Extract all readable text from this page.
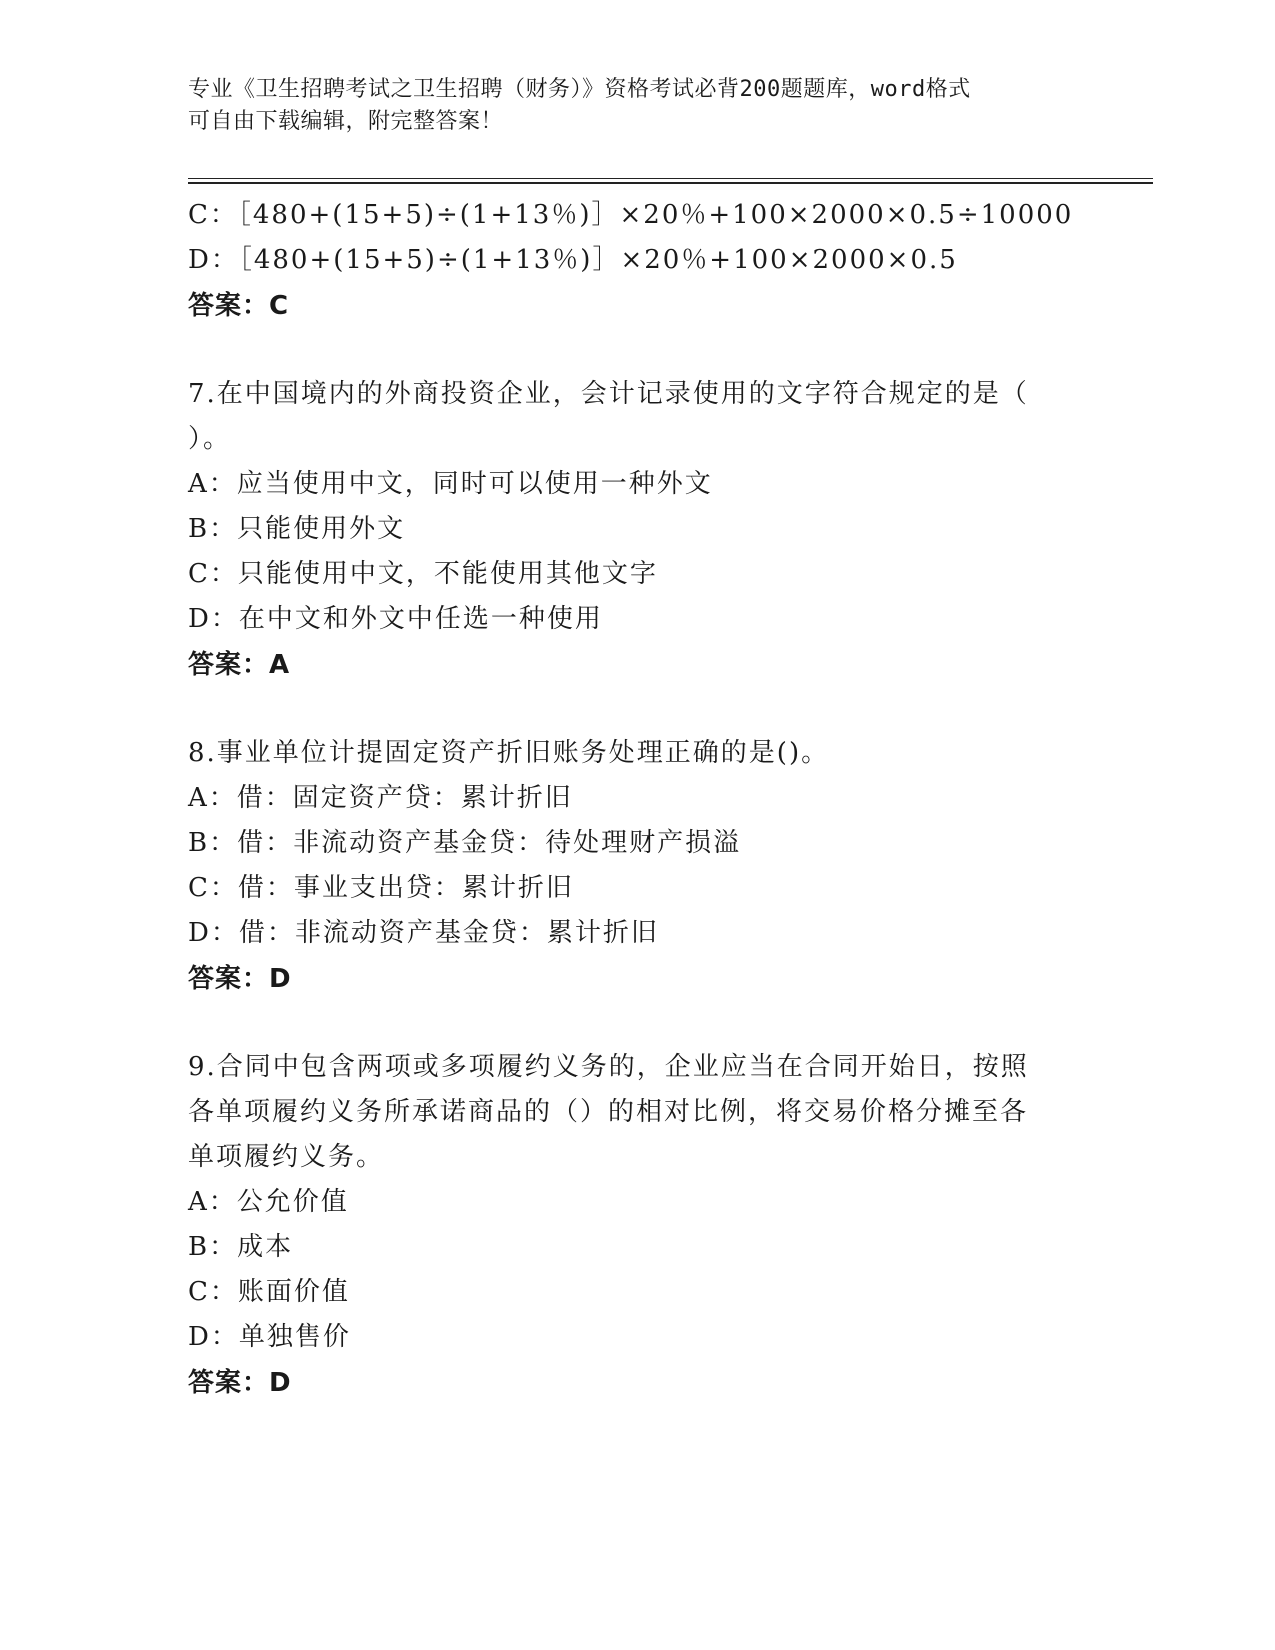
专业《卫生招聘考试之卫生招聘（财务）》资格考试必背200题题库，word格式
可自由下载编辑，附完整答案！
C：［480+(15+5)÷(1+13％)］×20％+100×2000×0.5÷10000
D：［480+(15+5)÷(1+13％)］×20％+100×2000×0.5
答案：C
7.在中国境内的外商投资企业，会计记录使用的文字符合规定的是（
）。
A：应当使用中文，同时可以使用一种外文
B：只能使用外文
C：只能使用中文，不能使用其他文字
D：在中文和外文中任选一种使用
答案：A
8.事业单位计提固定资产折旧账务处理正确的是()。
A：借：固定资产贷：累计折旧
B：借：非流动资产基金贷：待处理财产损溢
C：借：事业支出贷：累计折旧
D：借：非流动资产基金贷：累计折旧
答案：D
9.合同中包含两项或多项履约义务的，企业应当在合同开始日，按照
各单项履约义务所承诺商品的（）的相对比例，将交易价格分摊至各
单项履约义务。
A：公允价值
B：成本
C：账面价值
D：单独售价
答案：D
